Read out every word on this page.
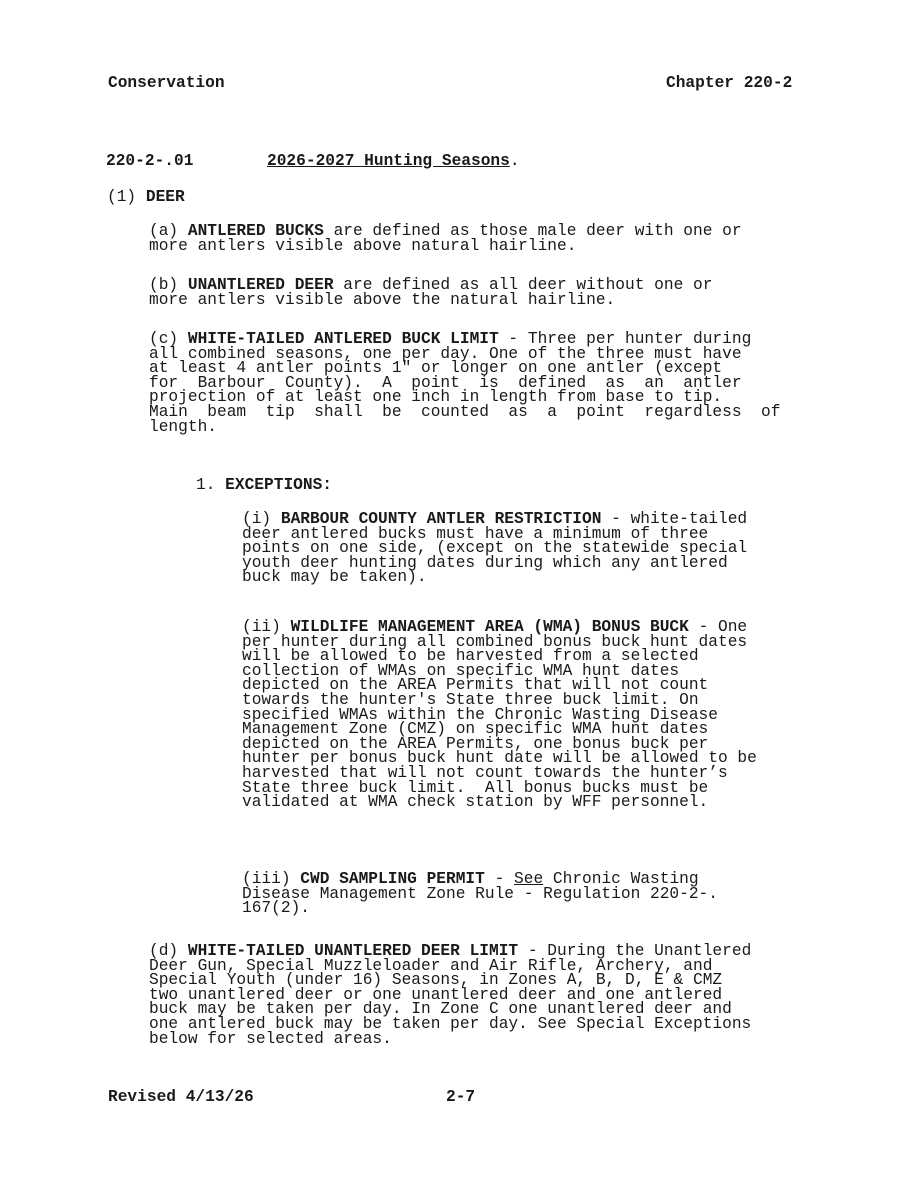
Conservation	Chapter 220-2
220-2-.01	2026-2027 Hunting Seasons.
(1) DEER
(a) ANTLERED BUCKS are defined as those male deer with one or
more antlers visible above natural hairline.
(b) UNANTLERED DEER are defined as all deer without one or
more antlers visible above the natural hairline.
(c) WHITE-TAILED ANTLERED BUCK LIMIT - Three per hunter during
all combined seasons, one per day. One of the three must have
at least 4 antler points 1" or longer on one antler (except
for  Barbour  County).  A  point  is  defined  as  an  antler
projection of at least one inch in length from base to tip.
Main  beam  tip  shall  be  counted  as  a  point  regardless  of
length.
1. EXCEPTIONS:
(i) BARBOUR COUNTY ANTLER RESTRICTION - white-tailed
deer antlered bucks must have a minimum of three
points on one side, (except on the statewide special
youth deer hunting dates during which any antlered
buck may be taken).
(ii) WILDLIFE MANAGEMENT AREA (WMA) BONUS BUCK - One
per hunter during all combined bonus buck hunt dates
will be allowed to be harvested from a selected
collection of WMAs on specific WMA hunt dates
depicted on the AREA Permits that will not count
towards the hunter's State three buck limit. On
specified WMAs within the Chronic Wasting Disease
Management Zone (CMZ) on specific WMA hunt dates
depicted on the AREA Permits, one bonus buck per
hunter per bonus buck hunt date will be allowed to be
harvested that will not count towards the hunter’s
State three buck limit.  All bonus bucks must be
validated at WMA check station by WFF personnel.
(iii) CWD SAMPLING PERMIT - See Chronic Wasting
Disease Management Zone Rule - Regulation 220-2-.
167(2).
(d) WHITE-TAILED UNANTLERED DEER LIMIT - During the Unantlered
Deer Gun, Special Muzzleloader and Air Rifle, Archery, and
Special Youth (under 16) Seasons, in Zones A, B, D, E & CMZ
two unantlered deer or one unantlered deer and one antlered
buck may be taken per day. In Zone C one unantlered deer and
one antlered buck may be taken per day. See Special Exceptions
below for selected areas.
Revised 4/13/26	2-7
